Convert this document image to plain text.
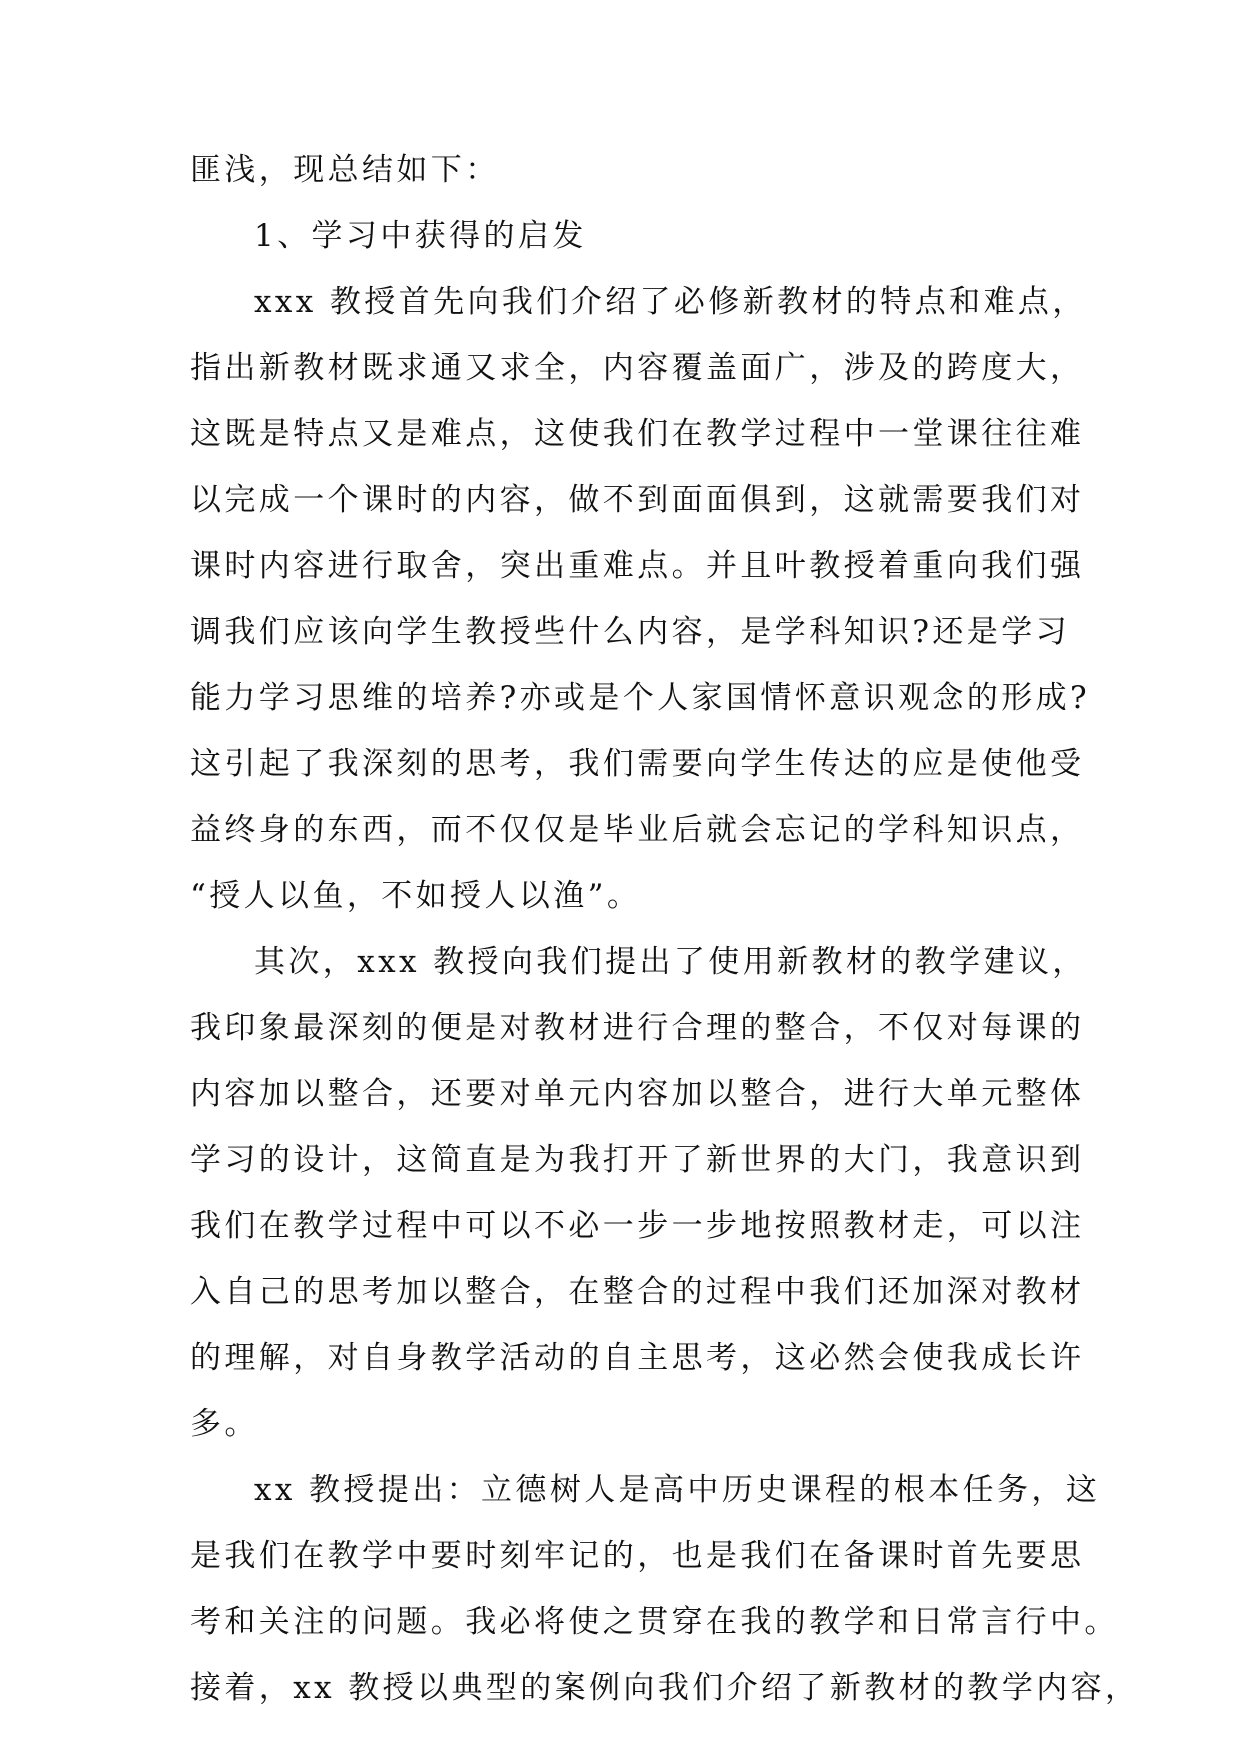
匪浅，现总结如下：
1、学习中获得的启发
xxx 教授首先向我们介绍了必修新教材的特点和难点，
指出新教材既求通又求全，内容覆盖面广，涉及的跨度大，
这既是特点又是难点，这使我们在教学过程中一堂课往往难
以完成一个课时的内容，做不到面面俱到，这就需要我们对
课时内容进行取舍，突出重难点。并且叶教授着重向我们强
调我们应该向学生教授些什么内容，是学科知识?还是学习
能力学习思维的培养?亦或是个人家国情怀意识观念的形成?
这引起了我深刻的思考，我们需要向学生传达的应是使他受
益终身的东西，而不仅仅是毕业后就会忘记的学科知识点，
“授人以鱼，不如授人以渔”。
其次，xxx 教授向我们提出了使用新教材的教学建议，
我印象最深刻的便是对教材进行合理的整合，不仅对每课的
内容加以整合，还要对单元内容加以整合，进行大单元整体
学习的设计，这简直是为我打开了新世界的大门，我意识到
我们在教学过程中可以不必一步一步地按照教材走，可以注
入自己的思考加以整合，在整合的过程中我们还加深对教材
的理解，对自身教学活动的自主思考，这必然会使我成长许
多。
xx 教授提出：立德树人是高中历史课程的根本任务，这
是我们在教学中要时刻牢记的，也是我们在备课时首先要思
考和关注的问题。我必将使之贯穿在我的教学和日常言行中。
接着，xx 教授以典型的案例向我们介绍了新教材的教学内容，
